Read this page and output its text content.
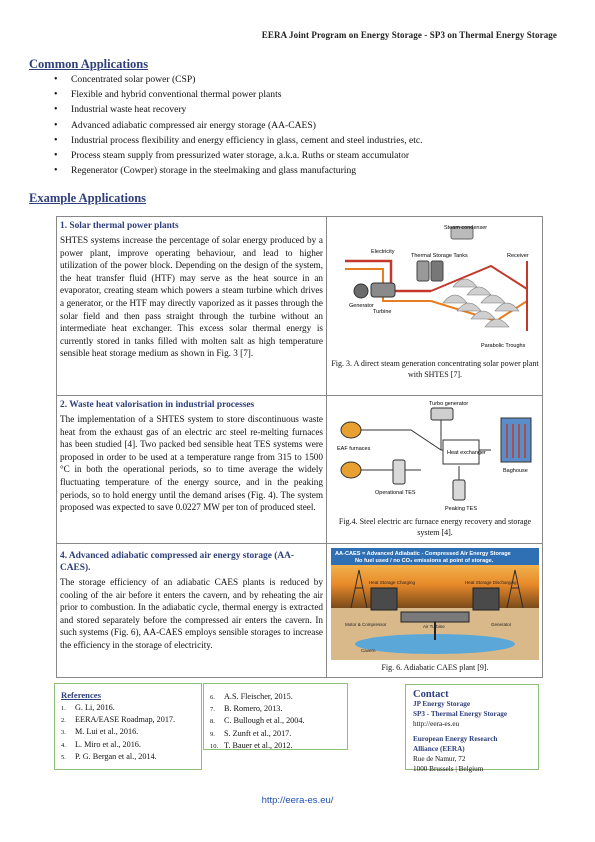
EERA Joint Program on Energy Storage - SP3 on Thermal Energy Storage
Common Applications
• Concentrated solar power (CSP)
• Flexible and hybrid conventional thermal power plants
• Industrial waste heat recovery
• Advanced adiabatic compressed air energy storage (AA-CAES)
• Industrial process flexibility and energy efficiency in glass, cement and steel industries, etc.
• Process steam supply from pressurized water storage, a.k.a. Ruths or steam accumulator
• Regenerator (Cowper) storage in the steelmaking and glass manufacturing
Example Applications
1. Solar thermal power plants
SHTES systems increase the percentage of solar energy produced by a power plant, improve operating behaviour, and lead to higher utilization of the power block. Depending on the design of the system, the heat transfer fluid (HTF) may serve as the heat source in an evaporator, creating steam which powers a steam turbine which drives a generator, or the HTF may directly vaporized as it passes through the solar field and then pass straight through the turbine without an intermediate heat exchanger. This excess solar thermal energy is currently stored in tanks filled with molten salt as high temperature sensible heat storage medium as shown in Fig. 3 [7].
Steam condenser
Electricity
Thermal Storage Tanks
Generator
Turbine
Receiver
Parabolic Troughs
Fig. 3. A direct steam generation concentrating solar power plant with SHTES [7].
2. Waste heat valorisation in industrial processes
The implementation of a SHTES system to store discontinuous waste heat from the exhaust gas of an electric arc steel re-melting furnaces has been studied [4]. Two packed bed sensible heat TES systems were proposed in order to be used at a temperature range from 315 to 1500 °C in both the operational periods, so to time average the widely fluctuating temperature of the energy source, and in the peaking periods, so to hold energy until the demand arises (Fig. 4). The system proposed was expected to save 0.0227 MW per ton of produced steel.
Turbo generator
Heat exchanger
EAF furnaces
Operational TES
Peaking TES
Baghouse
Fig.4. Steel electric arc furnace energy recovery and storage system [4].
4. Advanced adiabatic compressed air energy storage (AA-CAES).
The storage efficiency of an adiabatic CAES plants is reduced by cooling of the air before it enters the cavern, and by reheating the air prior to combustion. In the adiabatic cycle, thermal energy is extracted and stored separately before the compressed air enters the cavern. In such systems (Fig. 6), AA-CAES employs sensible storages to increase the efficiency in the storage of electricity.
AA-CAES = Advanced Adiabatic - Compressed Air Energy Storage
No fuel used / no CO₂ emissions at point of storage.
Heat Storage Charging	Heat Storage Discharging
Motor & Compressor	Air Turbine	Generator
Cavern
Fig. 6. Adiabatic CAES plant [9].
References
1. G. Li, 2016.
2. EERA/EASE Roadmap, 2017.
3. M. Lui et al., 2016.
4. L. Miro et al., 2016.
5. P. G. Bergan et al., 2014.
6. A.S. Fleischer, 2015.
7. B. Romero, 2013.
8. C. Bullough et al., 2004.
9. S. Zunft et al., 2017.
10. T. Bauer et al., 2012.
Contact
JP Energy Storage
SP3 - Thermal Energy Storage
http://eera-es.eu
European Energy Research
Alliance (EERA)
Rue de Namur, 72
1000 Brussels | Belgium
http://eera-es.eu/
